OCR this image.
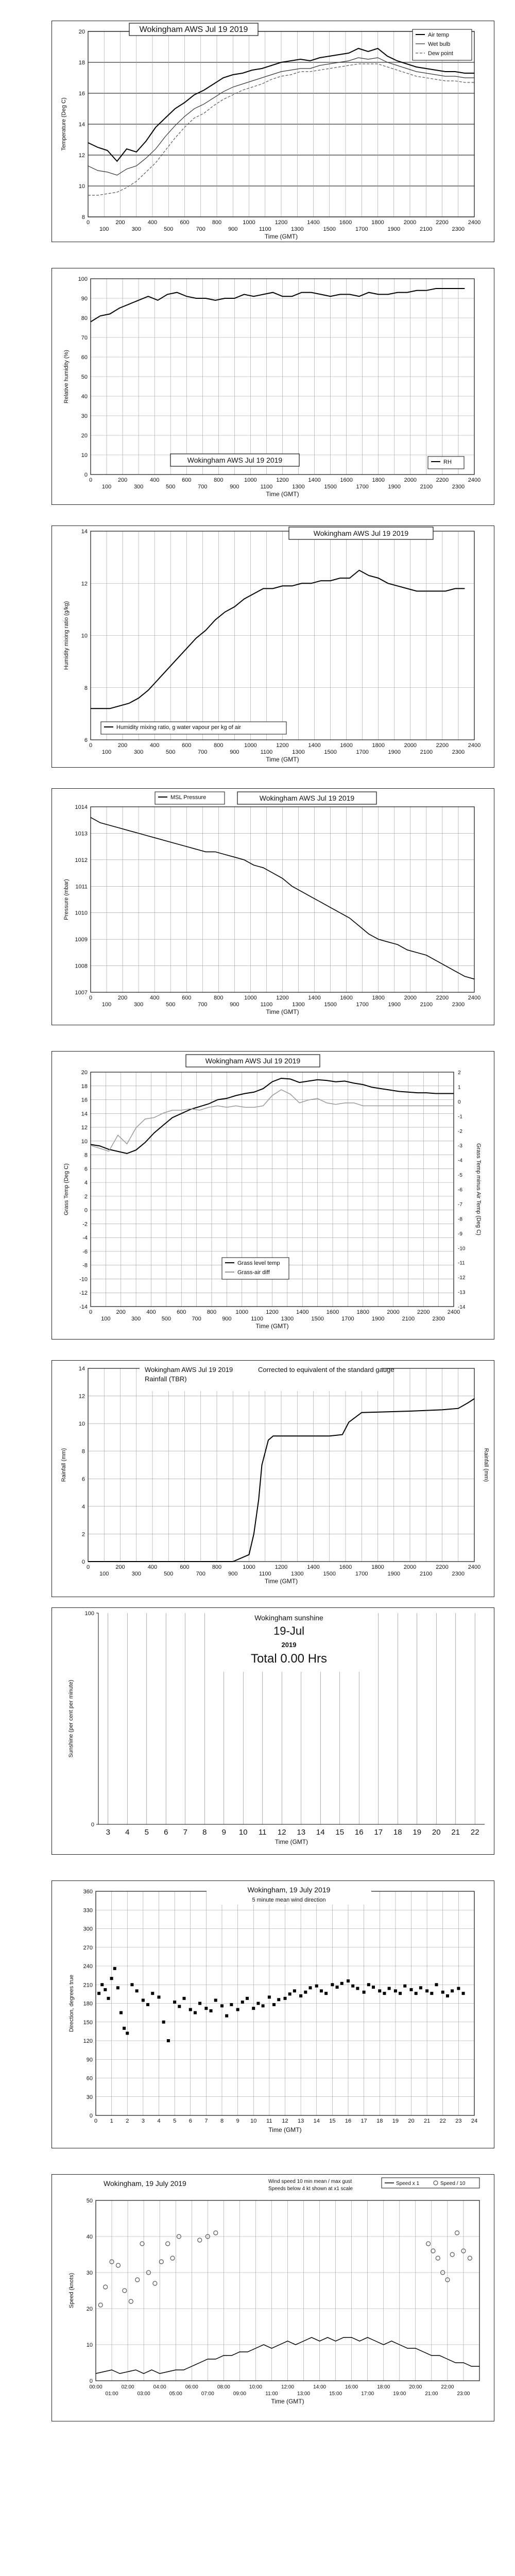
8
10
12
14
16
18
20
0
100
200
300
400
500
600
700
800
900
1000
1100
1200
1300
1400
1500
1600
1700
1800
1900
2000
2100
2200
2300
2400
Time (GMT)
Temperature (Deg C)
Wokingham AWS Jul 19 2019
Air temp
Wet bulb
Dew point
0
10
20
30
40
50
60
70
80
90
100
0
100
200
300
400
500
600
700
800
900
1000
1100
1200
1300
1400
1500
1600
1700
1800
1900
2000
2100
2200
2300
2400
Time (GMT)
Relative humidity (%)
Wokingham AWS Jul 19 2019	RH
6
8
10
12
14
0
100
200
300
400
500
600
700
800
900
1000
1100
1200
1300
1400
1500
1600
1700
1800
1900
2000
2100
2200
2300
2400
Time (GMT)
Humidity mixing ratio (g/kg)
Wokingham AWS Jul 19 2019
Humidity mixing ratio, g water vapour per kg of air
1007
1008
1009
1010
1011
1012
1013
1014
0
100
200
300
400
500
600
700
800
900
1000
1100
1200
1300
1400
1500
1600
1700
1800
1900
2000
2100
2200
2300
2400
Time (GMT)
Pressure (mbar)
MSL Pressure	Wokingham AWS Jul 19 2019
-14
-12
-10
-8
-6
-4
-2
0
2
4
6
8
10
12
14
16
18
20
0
100
200
300
400
500
600
700
800
900
1000
1100
1200
1300
1400
1500
1600
1700
1800
1900
2000
2100
2200
2300
2400
Time (GMT)
Grass Temp (Deg C)
-14
-13
-12
-11
-10
-9
-8
-7
-6
-5
-4
-3
-2
-1
0
1
2
Grass Temp minus Air Temp (Deg C)
Wokingham AWS Jul 19 2019
Grass level temp
Grass-air diff
0
2
4
6
8
10
12
14
0
100
200
300
400
500
600
700
800
900
1000
1100
1200
1300
1400
1500
1600
1700
1800
1900
2000
2100
2200
2300
2400
Time (GMT)
Rainfall (mm)	Rainfall (mm)
Wokingham AWS Jul 19 2019
Rainfall (TBR)
Corrected to equivalent of the standard gauge
3 4 5 6 7 8 9 10 11 12 13 14 15 16 17 18 19 20 21 22
0
100
Time (GMT)
Sunshine (per cent per minute)
Wokingham sunshine
19-Jul
2019
Total 0.00 Hrs
0
30
60
90
120
150
180
210
240
270
300
330
360
0 1 2 3 4 5 6 7 8 9 10 11 12 13 14 15 16 17 18 19 20 21 22 23 24
Time (GMT)
Direction, degrees true
Wokingham, 19 July 2019
5 minute mean wind direction
0
10
20
30
40
50
00:00	02:00	04:00	06:00	08:00	10:00	12:00	14:00	16:00	18:00	20:00	22:00
01:00	03:00	05:00	07:00	09:00	11:00	13:00	15:00	17:00	19:00	21:00	23:00
Time (GMT)
Speed (knots)
Wokingham, 19 July 2019	Wind speed 10 min mean / max gust
Speeds below 4 kt shown at x1 scale
Speed x 1	Speed / 10
